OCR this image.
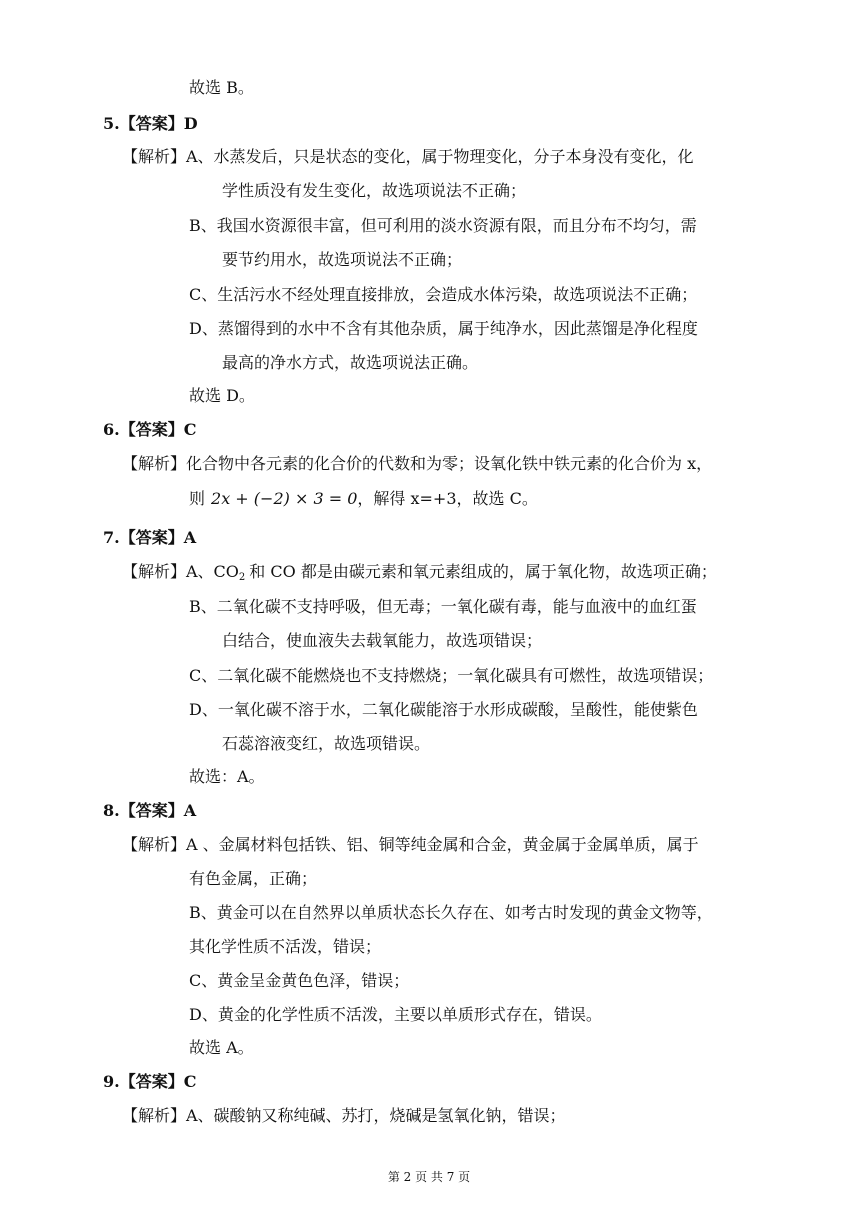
故选 B。
5.【答案】D
【解析】A、水蒸发后，只是状态的变化，属于物理变化，分子本身没有变化，化
学性质没有发生变化，故选项说法不正确；
B、我国水资源很丰富，但可利用的淡水资源有限，而且分布不均匀，需
要节约用水，故选项说法不正确；
C、生活污水不经处理直接排放，会造成水体污染，故选项说法不正确；
D、蒸馏得到的水中不含有其他杂质，属于纯净水，因此蒸馏是净化程度
最高的净水方式，故选项说法正确。
故选 D。
6.【答案】C
【解析】化合物中各元素的化合价的代数和为零；设氧化铁中铁元素的化合价为 x，
则 2x + (−2) × 3 = 0，解得 x=+3，故选 C。
7.【答案】A
【解析】A、$CO_2$ 和 CO 都是由碳元素和氧元素组成的，属于氧化物，故选项正确；
B、二氧化碳不支持呼吸，但无毒；一氧化碳有毒，能与血液中的血红蛋
白结合，使血液失去载氧能力，故选项错误；
C、二氧化碳不能燃烧也不支持燃烧；一氧化碳具有可燃性，故选项错误；
D、一氧化碳不溶于水，二氧化碳能溶于水形成碳酸，呈酸性，能使紫色
石蕊溶液变红，故选项错误。
故选：A。
8.【答案】A
【解析】A 、金属材料包括铁、铝、铜等纯金属和合金，黄金属于金属单质，属于
有色金属，正确；
B、黄金可以在自然界以单质状态长久存在、如考古时发现的黄金文物等，
其化学性质不活泼，错误；
C、黄金呈金黄色色泽，错误；
D、黄金的化学性质不活泼，主要以单质形式存在，错误。
故选 A。
9.【答案】C
【解析】A、碳酸钠又称纯碱、苏打，烧碱是氢氧化钠，错误；
第 2 页 共 7 页
